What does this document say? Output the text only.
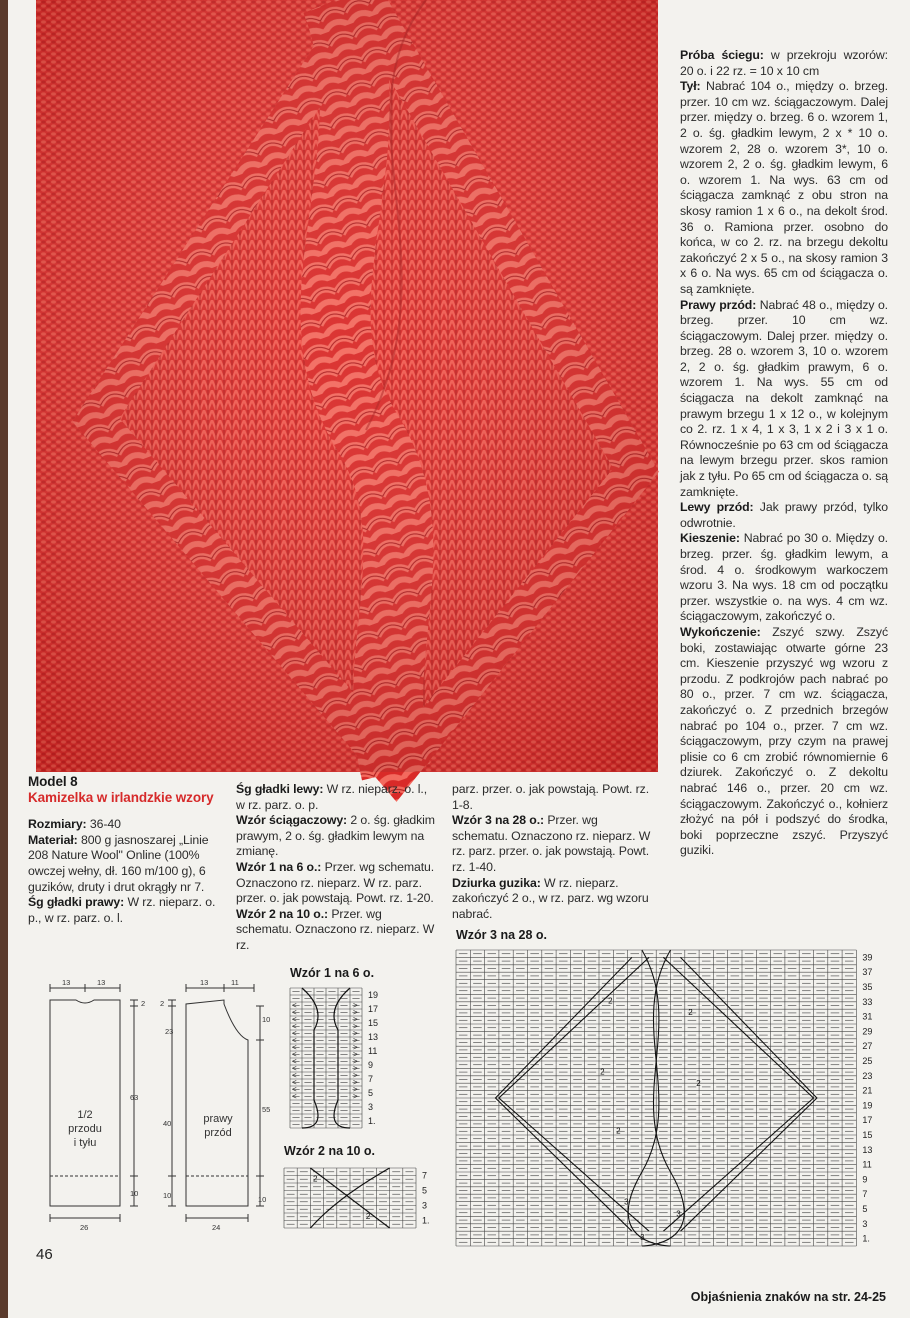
Próba ściegu: w przekroju wzorów: 20 o. i 22 rz. = 10 x 10 cm

Tył: Nabrać 104 o., między o. brzeg. przer. 10 cm wz. ściągaczowym. Dalej przer. między o. brzeg. 6 o. wzorem 1, 2 o. śg. gładkim lewym, 2 x * 10 o. wzorem 2, 28 o. wzorem 3*, 10 o. wzorem 2, 2 o. śg. gładkim lewym, 6 o. wzorem 1. Na wys. 63 cm od ściągacza zamknąć z obu stron na skosy ramion 1 x 6 o., na dekolt środ. 36 o. Ramiona przer. osobno do końca, w co 2. rz. na brzegu dekoltu zakończyć 2 x 5 o., na skosy ramion 3 x 6 o. Na wys. 65 cm od ściągacza o. są zamknięte.

Prawy przód: Nabrać 48 o., między o. brzeg. przer. 10 cm wz. ściągaczowym. Dalej przer. między o. brzeg. 28 o. wzorem 3, 10 o. wzorem 2, 2 o. śg. gładkim prawym, 6 o. wzorem 1. Na wys. 55 cm od ściągacza na dekolt zamknąć na prawym brzegu 1 x 12 o., w kolejnym co 2. rz. 1 x 4, 1 x 3, 1 x 2 i 3 x 1 o. Równocześnie po 63 cm od ściągacza na lewym brzegu przer. skos ramion jak z tyłu. Po 65 cm od ściągacza o. są zamknięte.

Lewy przód: Jak prawy przód, tylko odwrotnie.

Kieszenie: Nabrać po 30 o. Między o. brzeg. przer. śg. gładkim lewym, a środ. 4 o. środkowym warkoczem wzoru 3. Na wys. 18 cm od początku przer. wszystkie o. na wys. 4 cm wz. ściągaczowym, zakończyć o.

Wykończenie: Zszyć szwy. Zszyć boki, zostawiając otwarte górne 23 cm. Kieszenie przyszyć wg wzoru z przodu. Z podkrojów pach nabrać po 80 o., przer. 7 cm wz. ściągacza, zakończyć o. Z przednich brzegów nabrać po 104 o., przer. 7 cm wz. ściągaczowym, przy czym na prawej plisie co 6 cm zrobić równomiernie 6 dziurek. Zakończyć o. Z dekoltu nabrać 146 o., przer. 20 cm wz. ściągaczowym. Zakończyć o., kołnierz złożyć na pół i podszyć do środka, boki poprzeczne zszyć. Przyszyć guziki.

Model 8

Kamizelka w irlandzkie wzory

Rozmiary: 36-40

Materiał: 800 g jasnoszarej „Linie 208 Nature Wool" Online (100% owczej wełny, dł. 160 m/100 g), 6 guzików, druty i drut okrągły nr 7.

Śg gładki prawy: W rz. nieparz. o. p., w rz. parz. o. l.

Śg gładki lewy: W rz. nieparz. o. l., w rz. parz. o. p.

Wzór ściągaczowy: 2 o. śg. gładkim prawym, 2 o. śg. gładkim lewym na zmianę.

Wzór 1 na 6 o.: Przer. wg schematu. Oznaczono rz. nieparz. W rz. parz. przer. o. jak powstają. Powt. rz. 1-20.

Wzór 2 na 10 o.: Przer. wg schematu. Oznaczono rz. nieparz. W rz.

parz. przer. o. jak powstają. Powt. rz. 1-8.

Wzór 3 na 28 o.: Przer. wg schematu. Oznaczono rz. nieparz. W rz. parz. przer. o. jak powstają. Powt. rz. 1-40.

Dziurka guzika: W rz. nieparz. zakończyć 2 o., w rz. parz. wg wzoru nabrać.

13	13
2
23
63
10
26
13	11
2
10
40
55
10	10
24
1/2
przodu
i tyłu
prawy
przód
Wzór 1 na 6 o.
19
17
15
13
11
9
7
5
3
1.
<	>
<	>
<	>
<	>
<	>
<	>
<	>
<	>
<	>
<	>
<	>
<	>
<	>
<	>
Wzór 2 na 10 o.
7
5
3
1.
2
2
Wzór 3 na 28 o.
39
37
35
33
31
29
27
25
23
21
19
17
15
13
11
9
7
5
3
1.
2
2
2
2
2
3
3
3
46
Objaśnienia znaków na str. 24-25
